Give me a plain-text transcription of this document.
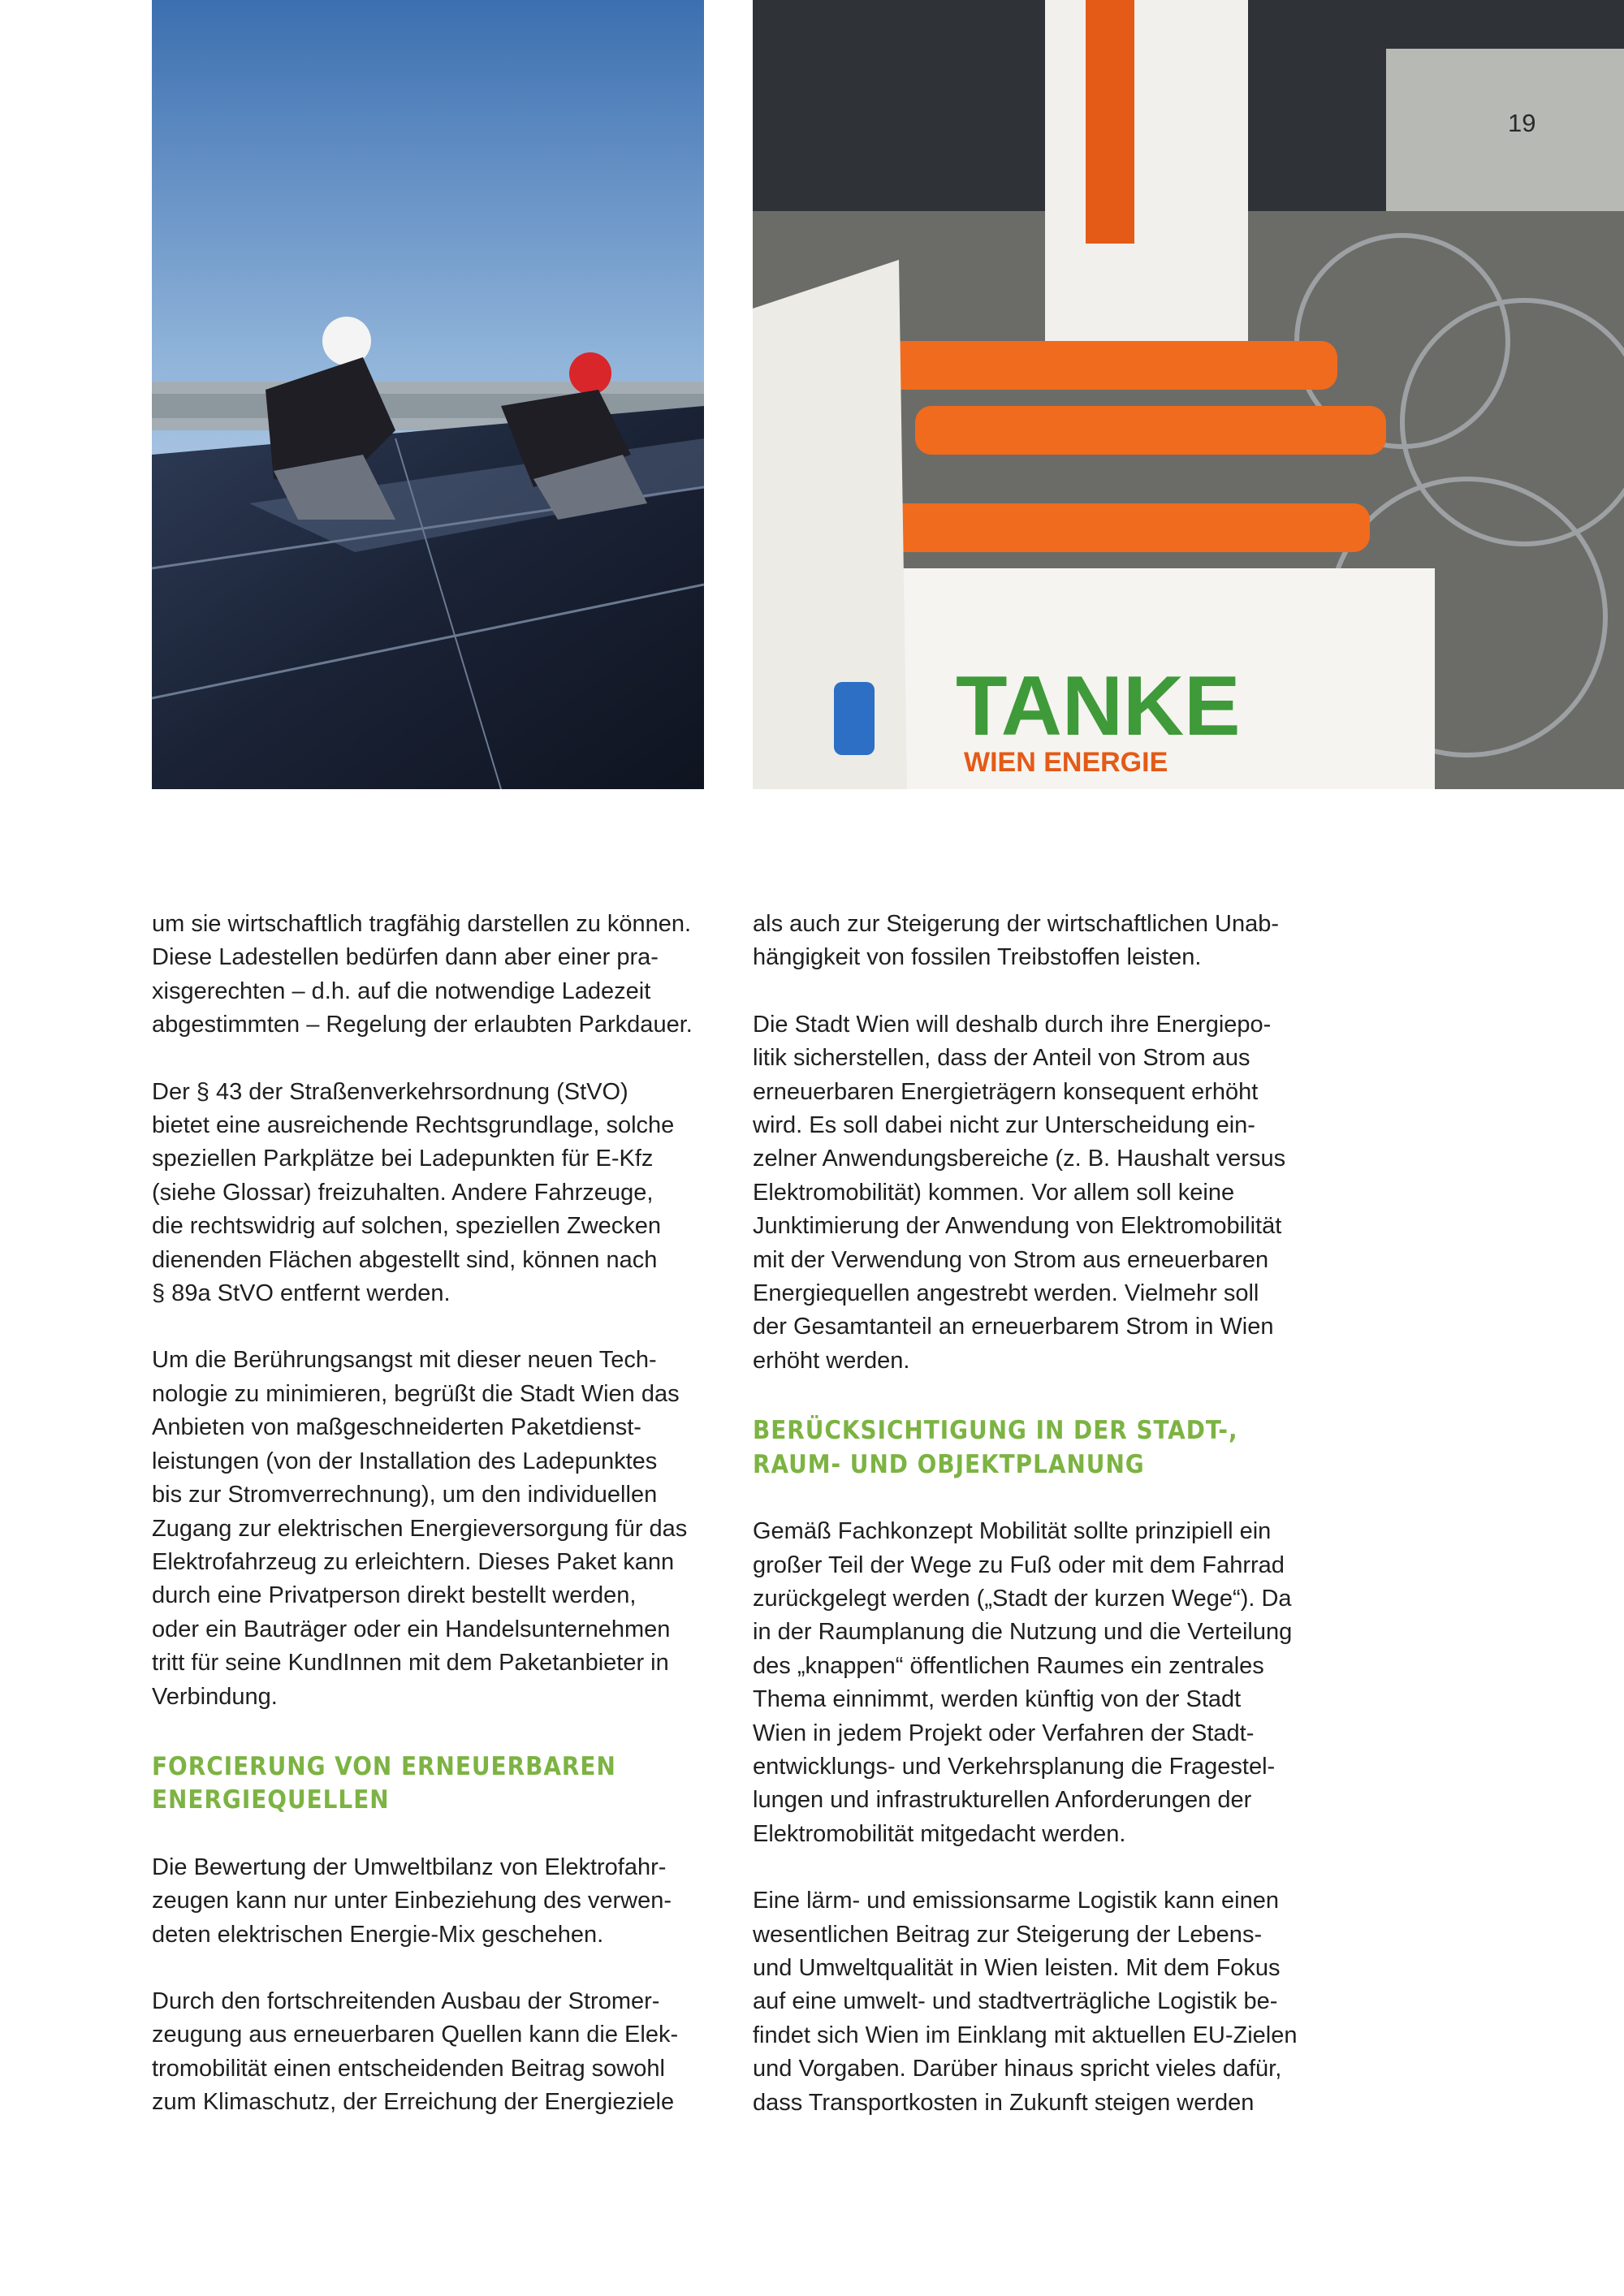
TANKE
WIEN ENERGIE
19

um sie wirtschaftlich tragfähig darstellen zu können.
Diese Ladestellen bedürfen dann aber einer pra-
xisgerechten – d.h. auf die notwendige Ladezeit
abgestimmten – Regelung der erlaubten Parkdauer.

Der § 43 der Straßenverkehrsordnung (StVO)
bietet eine ausreichende Rechtsgrundlage, solche
speziellen Parkplätze bei Ladepunkten für E-Kfz
(siehe Glossar) freizuhalten. Andere Fahrzeuge,
die rechtswidrig auf solchen, speziellen Zwecken
dienenden Flächen abgestellt sind, können nach
§ 89a StVO entfernt werden.

Um die Berührungsangst mit dieser neuen Tech-
nologie zu minimieren, begrüßt die Stadt Wien das
Anbieten von maßgeschneiderten Paketdienst-
leistungen (von der Installation des Ladepunktes
bis zur Stromverrechnung), um den individuellen
Zugang zur elektrischen Energieversorgung für das
Elektrofahrzeug zu erleichtern. Dieses Paket kann
durch eine Privatperson direkt bestellt werden,
oder ein Bauträger oder ein Handelsunternehmen
tritt für seine KundInnen mit dem Paketanbieter in
Verbindung.

FORCIERUNG VON ERNEUERBAREN
ENERGIEQUELLEN

Die Bewertung der Umweltbilanz von Elektrofahr-
zeugen kann nur unter Einbeziehung des verwen-
deten elektrischen Energie-Mix geschehen.

Durch den fortschreitenden Ausbau der Stromer-
zeugung aus erneuerbaren Quellen kann die Elek-
tromobilität einen entscheidenden Beitrag sowohl
zum Klimaschutz, der Erreichung der Energieziele

als auch zur Steigerung der wirtschaftlichen Unab-
hängigkeit von fossilen Treibstoffen leisten.

Die Stadt Wien will deshalb durch ihre Energiepo-
litik sicherstellen, dass der Anteil von Strom aus
erneuerbaren Energieträgern konsequent erhöht
wird. Es soll dabei nicht zur Unterscheidung ein-
zelner Anwendungsbereiche (z. B. Haushalt versus
Elektromobilität) kommen. Vor allem soll keine
Junktimierung der Anwendung von Elektromobilität
mit der Verwendung von Strom aus erneuerbaren
Energiequellen angestrebt werden. Vielmehr soll
der Gesamtanteil an erneuerbarem Strom in Wien
erhöht werden.

BERÜCKSICHTIGUNG IN DER STADT-,
RAUM- UND OBJEKTPLANUNG

Gemäß Fachkonzept Mobilität sollte prinzipiell ein
großer Teil der Wege zu Fuß oder mit dem Fahrrad
zurückgelegt werden („Stadt der kurzen Wege“). Da
in der Raumplanung die Nutzung und die Verteilung
des „knappen“ öffentlichen Raumes ein zentrales
Thema einnimmt, werden künftig von der Stadt
Wien in jedem Projekt oder Verfahren der Stadt-
entwicklungs- und Verkehrsplanung die Fragestel-
lungen und infrastrukturellen Anforderungen der
Elektromobilität mitgedacht werden.

Eine lärm- und emissionsarme Logistik kann einen
wesentlichen Beitrag zur Steigerung der Lebens-
und Umweltqualität in Wien leisten. Mit dem Fokus
auf eine umwelt- und stadtverträgliche Logistik be-
findet sich Wien im Einklang mit aktuellen EU-Zielen
und Vorgaben. Darüber hinaus spricht vieles dafür,
dass Transportkosten in Zukunft steigen werden
